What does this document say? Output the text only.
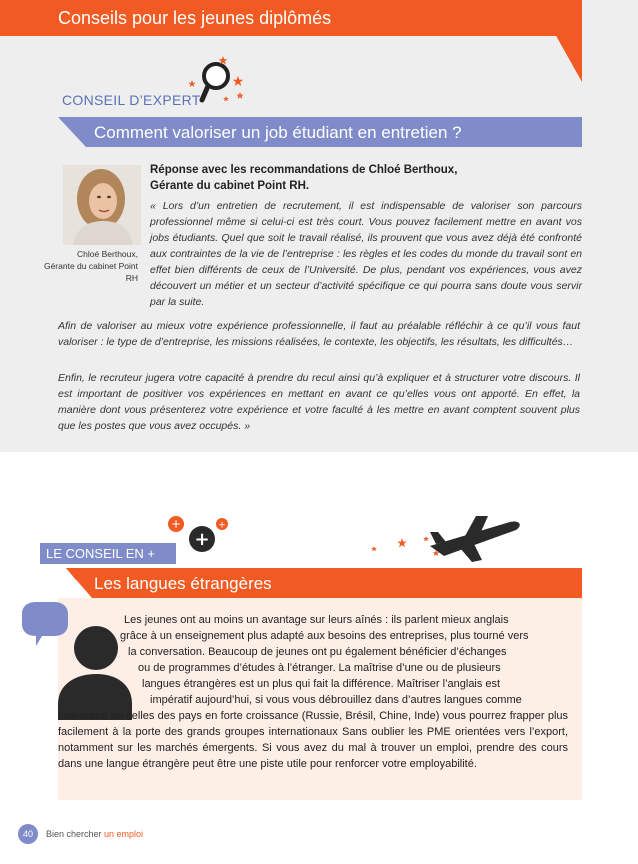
Conseils pour les jeunes diplômés
CONSEIL D’EXPERT
Comment valoriser un job étudiant en entretien ?
Chloé Berthoux,
Gérante du cabinet Point RH
Réponse avec les recommandations de Chloé Berthoux,
Gérante du cabinet Point RH.
« Lors d’un entretien de recrutement, il est indispensable de valoriser son parcours professionnel même si celui-ci est très court. Vous pouvez facilement mettre en avant vos jobs étudiants. Quel que soit le travail réalisé, ils prouvent que vous avez déjà été confronté aux contraintes de la vie de l’entreprise : les règles et les codes du monde du travail sont en effet bien différents de ceux de l’Université. De plus, pendant vos expériences, vous avez découvert un métier et un secteur d’activité spécifique ce qui pourra sans doute vous servir par la suite.
Afin de valoriser au mieux votre expérience professionnelle, il faut au préalable réfléchir à ce qu’il vous faut valoriser : le type de d’entreprise, les missions réalisées, le contexte, les objectifs, les résultats, les difficultés…
Enfin, le recruteur jugera votre capacité à prendre du recul ainsi qu’à expliquer et à structurer votre discours. Il est important de positiver vos expériences en mettant en avant ce qu’elles vous ont apporté. En effet, la manière dont vous présenterez votre expérience et votre faculté à les mettre en avant comptent souvent plus que les postes que vous avez occupés. »
+
+
+
LE CONSEIL EN +
Les langues étrangères
Les jeunes ont au moins un avantage sur leurs aînés : ils parlent mieux anglais
grâce à un enseignement plus adapté aux besoins des entreprises, plus tourné vers
la conversation. Beaucoup de jeunes ont pu également bénéficier d’échanges
ou de programmes d’études à l’étranger. La maîtrise d’une ou de plusieurs
langues étrangères est un plus qui fait la différence. Maîtriser l’anglais est
impératif aujourd’hui, si vous vous débrouillez dans d’autres langues comme
l’allemand ou celles des pays en forte croissance (Russie, Brésil, Chine, Inde) vous pourrez frapper plus facilement à la porte des grands groupes internationaux Sans oublier les PME orientées vers l’export, notamment sur les marchés émergents. Si vous avez du mal à trouver un emploi, prendre des cours dans une langue étrangère peut être une piste utile pour renforcer votre employabilité.
40	Bien chercher un emploi
